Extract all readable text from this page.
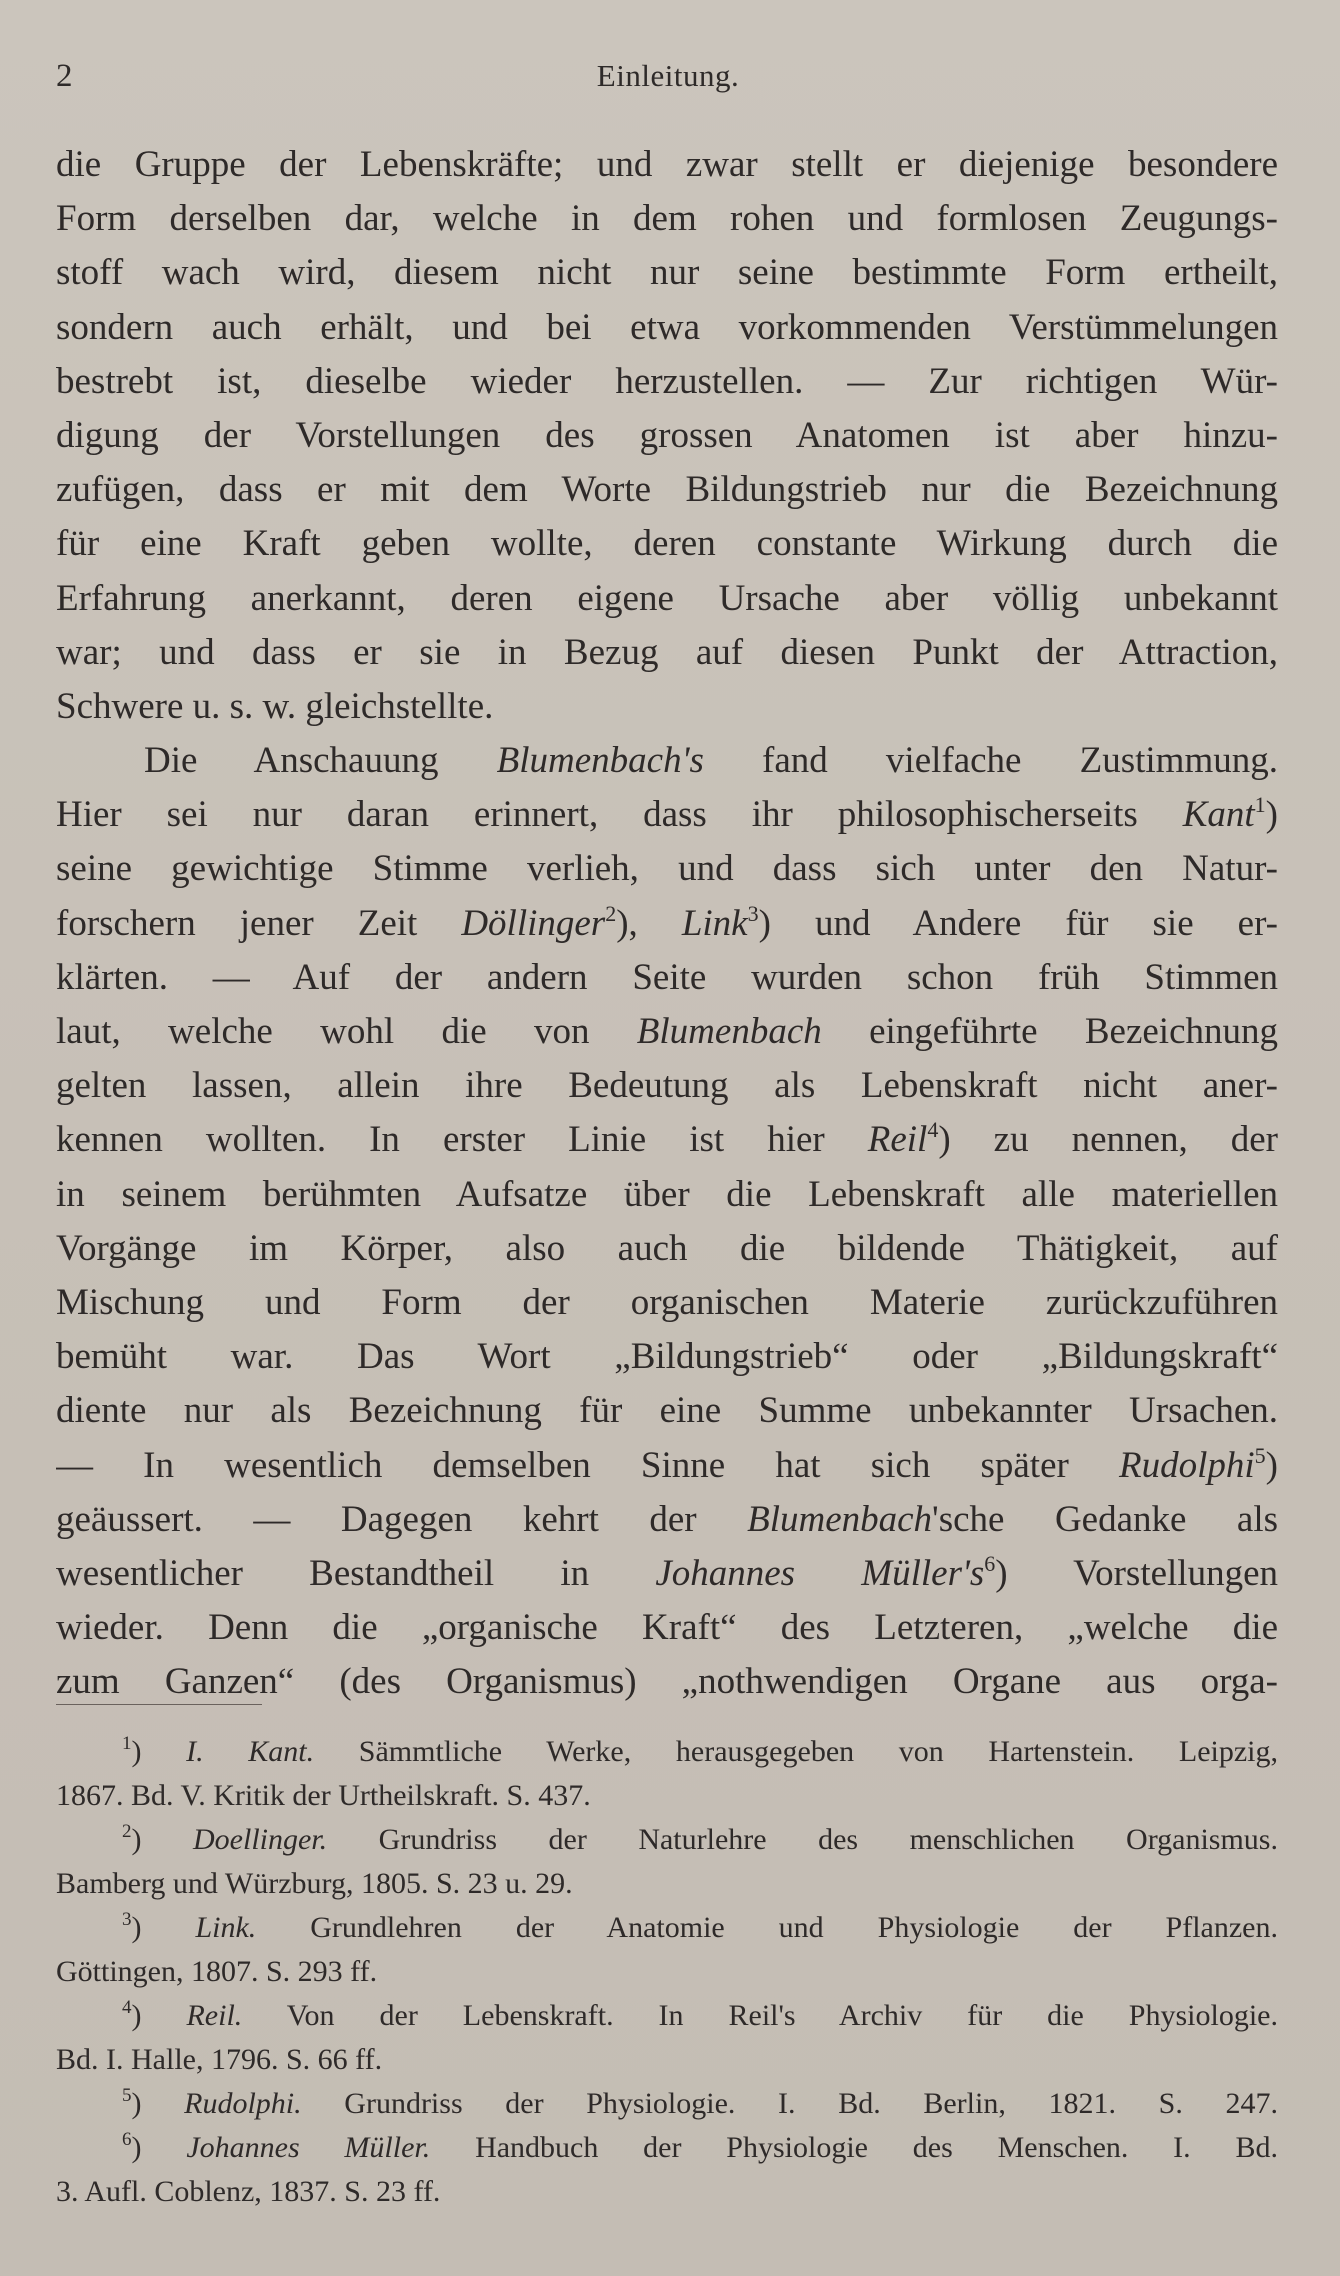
2	Einleitung.
die Gruppe der Lebenskräfte; und zwar stellt er diejenige besondere
Form derselben dar, welche in dem rohen und formlosen Zeugungs-
stoff wach wird, diesem nicht nur seine bestimmte Form ertheilt,
sondern auch erhält, und bei etwa vorkommenden Verstümmelungen
bestrebt ist, dieselbe wieder herzustellen. — Zur richtigen Wür-
digung der Vorstellungen des grossen Anatomen ist aber hinzu-
zufügen, dass er mit dem Worte Bildungstrieb nur die Bezeichnung
für eine Kraft geben wollte, deren constante Wirkung durch die
Erfahrung anerkannt, deren eigene Ursache aber völlig unbekannt
war; und dass er sie in Bezug auf diesen Punkt der Attraction,
Schwere u. s. w. gleichstellte.
Die Anschauung Blumenbach's fand vielfache Zustimmung.
Hier sei nur daran erinnert, dass ihr philosophischerseits Kant$^1$)
seine gewichtige Stimme verlieh, und dass sich unter den Natur-
forschern jener Zeit Döllinger$^2$), Link$^3$) und Andere für sie er-
klärten. — Auf der andern Seite wurden schon früh Stimmen
laut, welche wohl die von Blumenbach eingeführte Bezeichnung
gelten lassen, allein ihre Bedeutung als Lebenskraft nicht aner-
kennen wollten. In erster Linie ist hier Reil$^4$) zu nennen, der
in seinem berühmten Aufsatze über die Lebenskraft alle materiellen
Vorgänge im Körper, also auch die bildende Thätigkeit, auf
Mischung und Form der organischen Materie zurückzuführen
bemüht war. Das Wort „Bildungstrieb“ oder „Bildungskraft“
diente nur als Bezeichnung für eine Summe unbekannter Ursachen.
— In wesentlich demselben Sinne hat sich später Rudolphi$^5$)
geäussert. — Dagegen kehrt der Blumenbach'sche Gedanke als
wesentlicher Bestandtheil in Johannes $Müller's^6$) Vorstellungen
wieder. Denn die „organische Kraft“ des Letzteren, „welche die
zum Ganzen“ (des Organismus) „nothwendigen Organe aus orga-
$^1$) I. Kant. Sämmtliche Werke, herausgegeben von Hartenstein. Leipzig,
1867. Bd. V. Kritik der Urtheilskraft. S. 437.
$^2$) Doellinger. Grundriss der Naturlehre des menschlichen Organismus.
Bamberg und Würzburg, 1805. S. 23 u. 29.
$^3$) Link. Grundlehren der Anatomie und Physiologie der Pflanzen.
Göttingen, 1807. S. 293 ff.
$^4$) Reil. Von der Lebenskraft. In Reil's Archiv für die Physiologie.
Bd. I. Halle, 1796. S. 66 ff.
$^5$) Rudolphi. Grundriss der Physiologie. I. Bd. Berlin, 1821. S. 247.
$^6$) Johannes Müller. Handbuch der Physiologie des Menschen. I. Bd.
3. Aufl. Coblenz, 1837. S. 23 ff.
